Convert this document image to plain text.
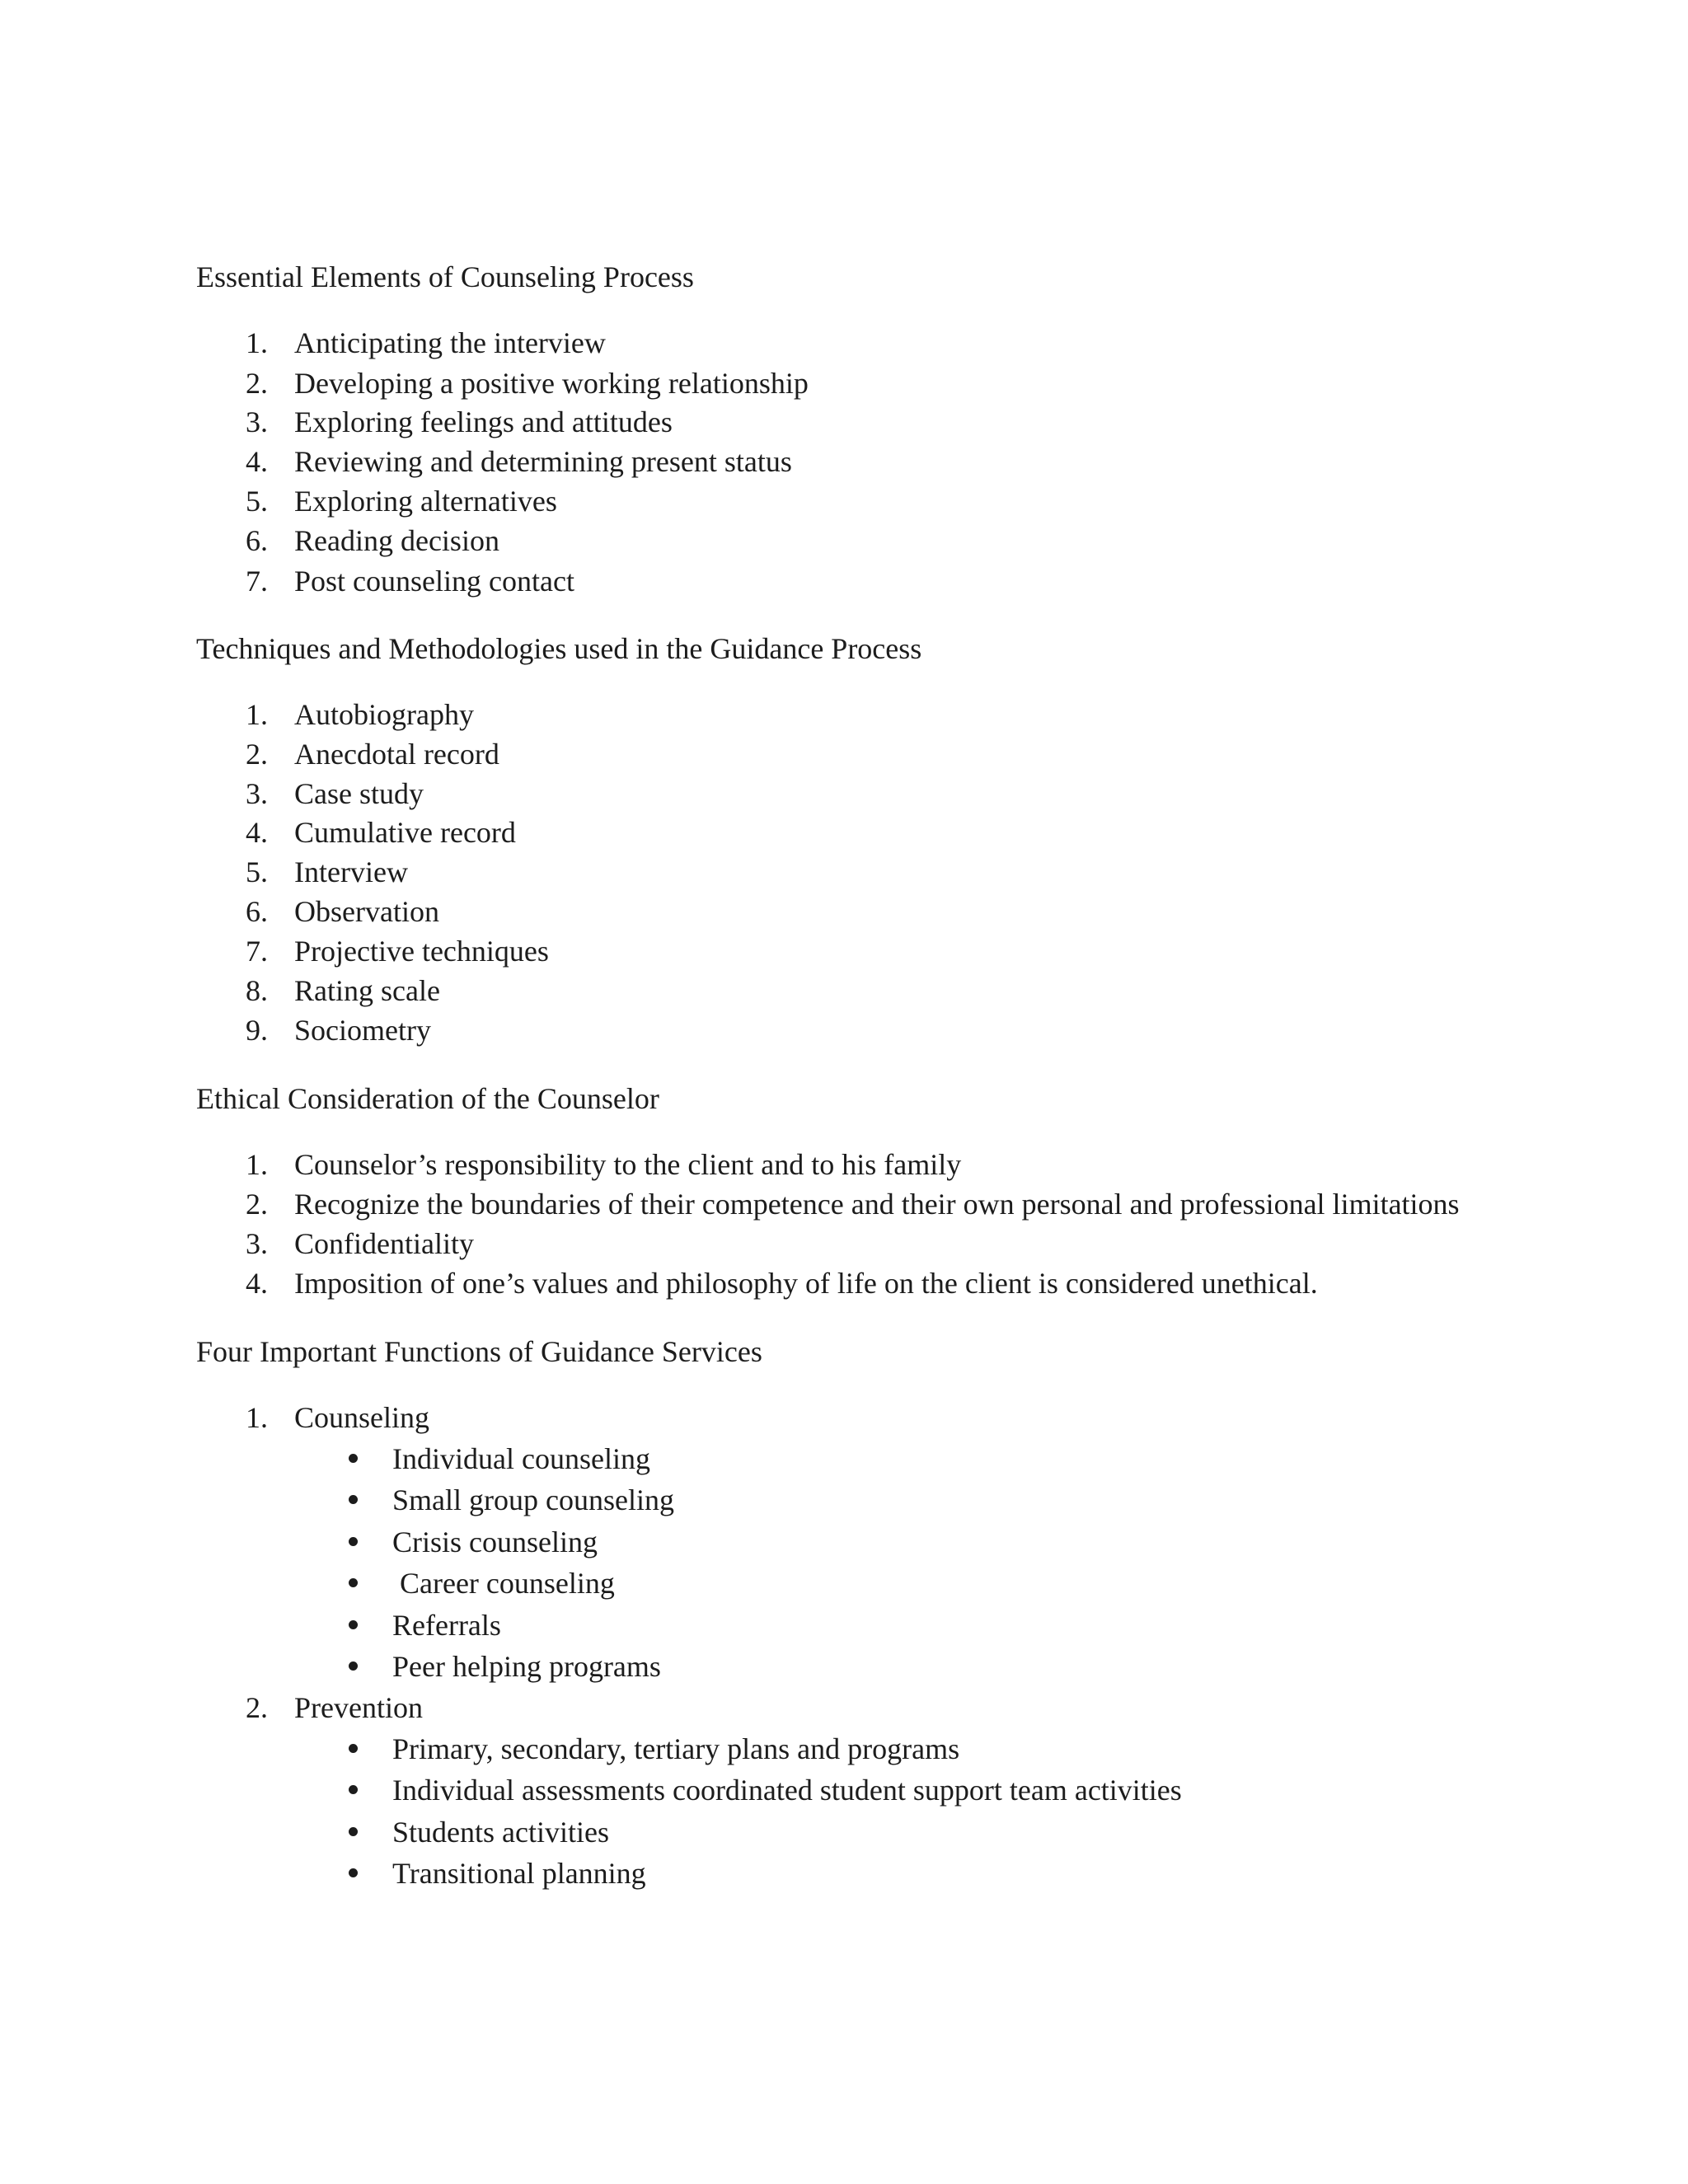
Essential Elements of Counseling Process
1. Anticipating the interview
2. Developing a positive working relationship
3. Exploring feelings and attitudes
4. Reviewing and determining present status
5. Exploring alternatives
6. Reading decision
7. Post counseling contact
Techniques and Methodologies used in the Guidance Process
1. Autobiography
2. Anecdotal record
3. Case study
4. Cumulative record
5. Interview
6. Observation
7. Projective techniques
8. Rating scale
9. Sociometry
Ethical Consideration of the Counselor
1. Counselor’s responsibility to the client and to his family
2. Recognize the boundaries of their competence and their own personal and professional limitations
3. Confidentiality
4. Imposition of one’s values and philosophy of life on the client is considered unethical.
Four Important Functions of Guidance Services
1. Counseling
Individual counseling
Small group counseling
Crisis counseling
Career counseling
Referrals
Peer helping programs
2. Prevention
Primary, secondary, tertiary plans and programs
Individual assessments coordinated student support team activities
Students activities
Transitional planning
